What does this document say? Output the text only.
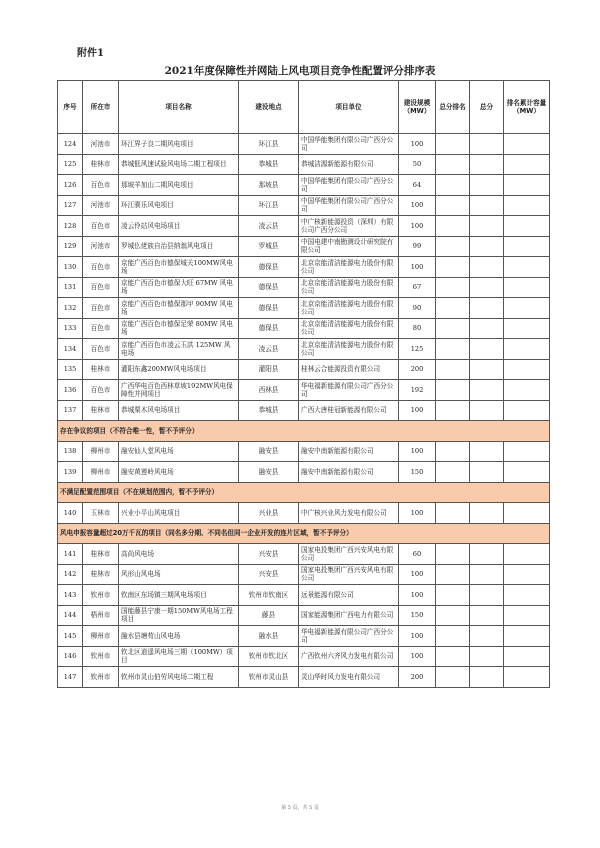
附件1
2021年度保障性并网陆上风电项目竞争性配置评分排序表
序号	所在市	项目名称	建设地点	项目单位	建设规模（MW）	总分排名	总分	排名累计容量（MW）
124	河池市	环江界子良二期风电项目	环江县	中国华能集团有限公司广西分公司	100			
125	桂林市	恭城低风速试验风电场二期工程项目	恭城县	恭城洁源新能源有限公司	50			
126	百色市	那坡羊加山二期风电项目	那坡县	中国华能集团有限公司广西分公司	64			
127	河池市	环江驯乐风电项目	环江县	中国华能集团有限公司广西分公司	100			
128	百色市	凌云伶站风电场项目	凌云县	中广核新能源投资（深圳）有限公司广西分公司	100			
129	河池市	罗城仫佬族自治县纳翁风电项目	罗城县	中国电建中南勘测设计研究院有限公司	99			
130	百色市	京能广西百色市德保城关100MW风电场	德保县	北京京能清洁能源电力股份有限公司	100			
131	百色市	京能广西百色市德保大旺 67MW 风电场	德保县	北京京能清洁能源电力股份有限公司	67			
132	百色市	京能广西百色市德保那甲 90MW 风电场	德保县	北京京能清洁能源电力股份有限公司	90			
133	百色市	京能广西百色市德保足荣 80MW 风电场	德保县	北京京能清洁能源电力股份有限公司	80			
134	百色市	京能广西百色市凌云玉洪 125MW 风电场	凌云县	北京京能清洁能源电力股份有限公司	125			
135	桂林市	灌阳东鑫200MW风电场项目	灌阳县	桂林云合能源投资有限公司	200			
136	百色市	广西华电百色西林草坡192MW风电保障性并网项目	西林县	华电福新能源有限公司广西分公司	192			
137	桂林市	恭城栗木风电场项目	恭城县	广西大唐桂冠新能源有限公司	100			
存在争议的项目（不符合唯一性，暂不予评分）								
138	柳州市	融安仙人堂风电场	融安县	融安中南新能源有限公司	100			
139	柳州市	融安黄莲岭风电场	融安县	融安中南新能源有限公司	150			
不满足配置范围项目（不在规划范围内，暂不予评分）								
140	玉林市	兴业小平山风电项目	兴业县	中广核兴业风力发电有限公司	100			
风电申报容量超过20万千瓦的项目（同名多分期、不同名但同一企业开发的连片区域，暂不予评分）								
141	桂林市	高尚风电场	兴安县	国家电投集团广西兴安风电有限公司	60			
142	桂林市	风形山风电场	兴安县	国家电投集团广西兴安风电有限公司	100			
143	钦州市	钦南区东场镇三期风电场项目	钦州市钦南区	远景能源有限公司	100			
144	梧州市	国能藤县宁康一期150MW风电场工程项目	藤县	国家能源集团广西电力有限公司	150			
145	柳州市	融水县塘苟山风电场	融水县	华电福新能源有限公司广西分公司	100			
146	钦州市	钦北区逍遥风电场三期（100MW）项目	钦州市钦北区	广西钦州六齐风力发电有限公司	100			
147	钦州市	钦州市灵山伯劳风电场二期工程	钦州市灵山县	灵山华时风力发电有限公司	200			
第 5 页，共 5 页
